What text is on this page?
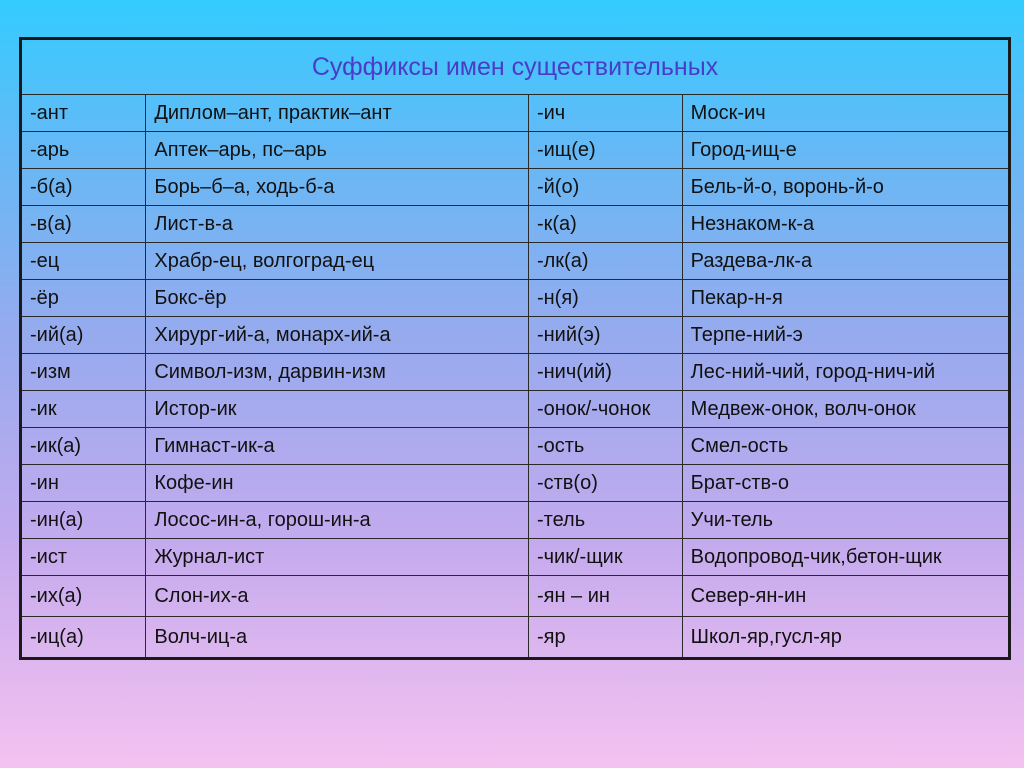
Суффиксы имен существительных			
-ант	Диплом–ант, практик–ант	-ич	Моск-ич
-арь	Аптек–арь, пс–арь	-ищ(е)	Город-ищ-е
-б(а)	Борь–б–а, ходь-б-а	-й(о)	Бель-й-о, воронь-й-о
-в(а)	Лист-в-а	-к(а)	Незнаком-к-а
-ец	Храбр-ец, волгоград-ец	-лк(а)	Раздева-лк-а
-ёр	Бокс-ёр	-н(я)	Пекар-н-я
-ий(а)	Хирург-ий-а, монарх-ий-а	-ний(э)	Терпе-ний-э
-изм	Символ-изм, дарвин-изм	-нич(ий)	Лес-ний-чий, город-нич-ий
-ик	Истор-ик	-онок/-чонок	Медвеж-онок, волч-онок
-ик(а)	Гимнаст-ик-а	-ость	Смел-ость
-ин	Кофе-ин	-ств(о)	Брат-ств-о
-ин(а)	Лосос-ин-а, горош-ин-а	-тель	Учи-тель
-ист	Журнал-ист	-чик/-щик	Водопровод-чик,бетон-щик
-их(а)	Слон-их-а	-ян – ин	Север-ян-ин
-иц(а)	Волч-иц-а	-яр	Школ-яр,гусл-яр
